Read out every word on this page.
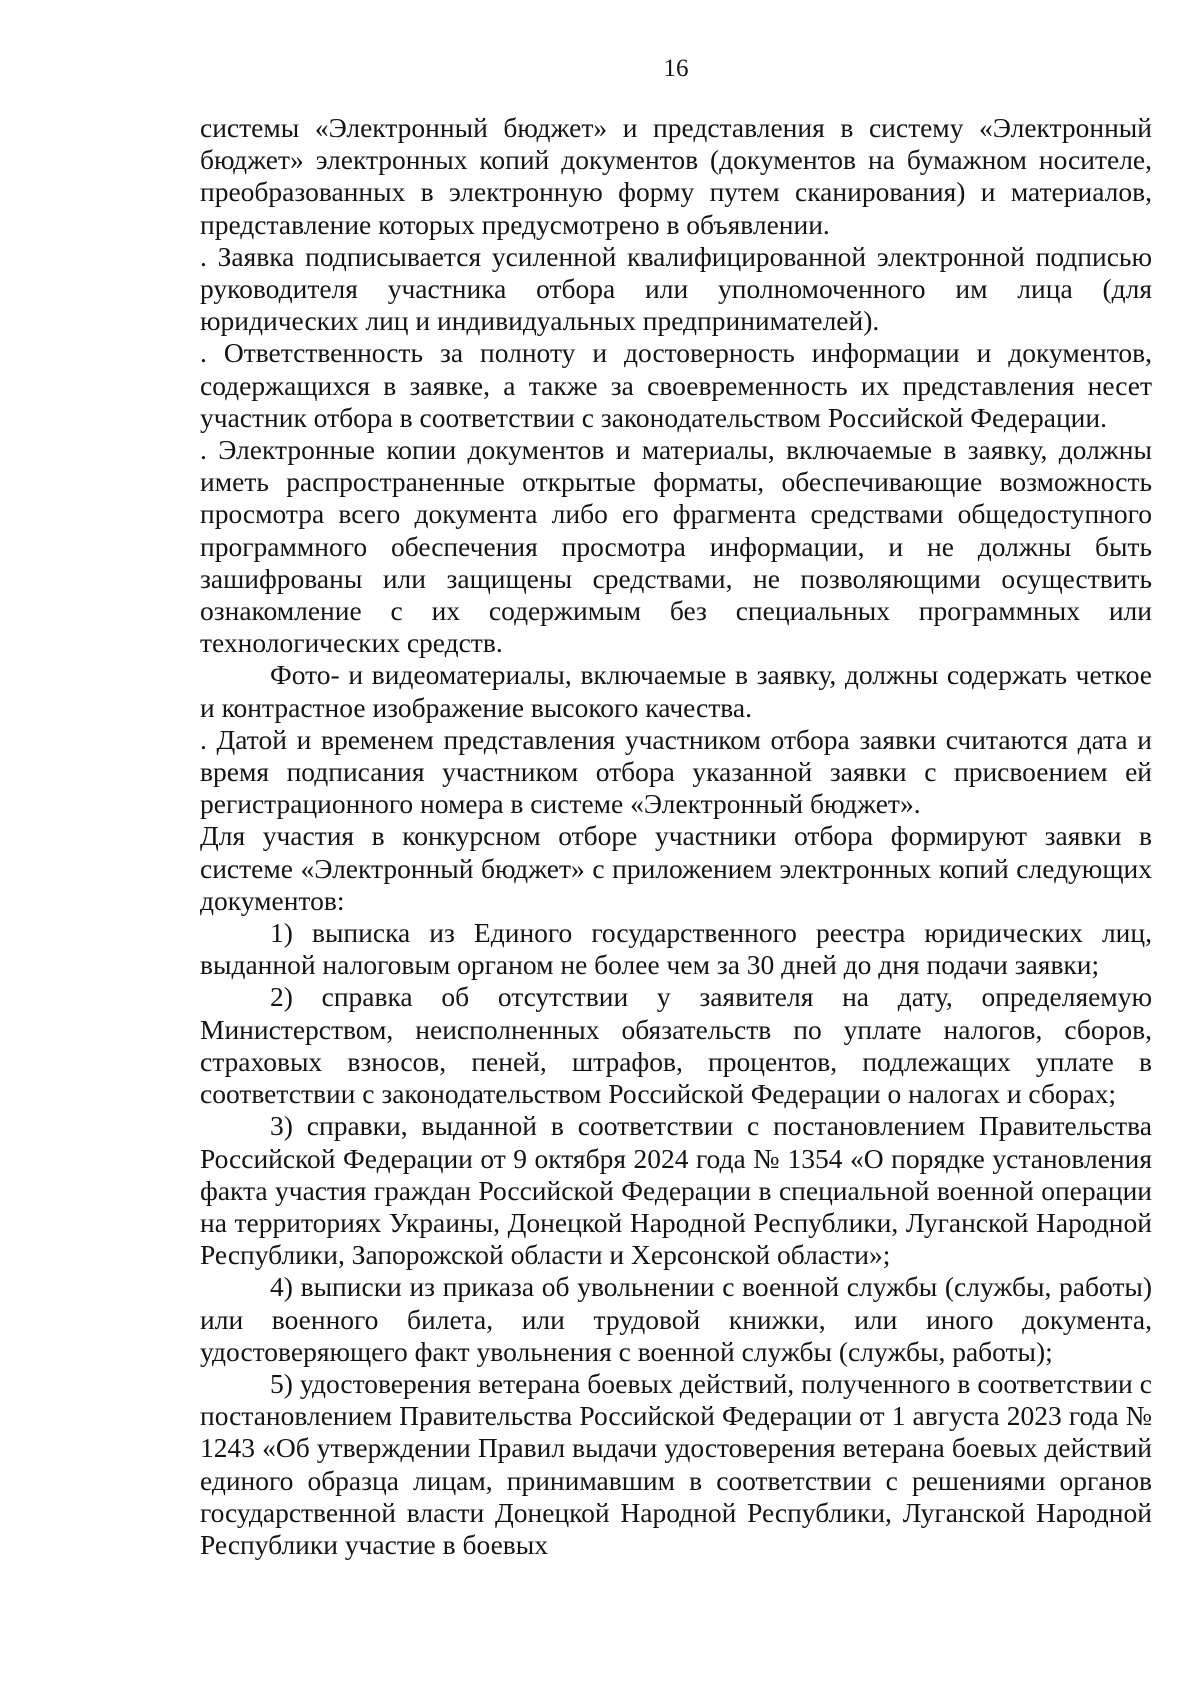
16

системы «Электронный бюджет» и представления в систему «Электронный бюджет» электронных копий документов (документов на бумажном носителе, преобразованных в электронную форму путем сканирования) и материалов, представление которых предусмотрено в объявлении.

. Заявка подписывается усиленной квалифицированной электронной подписью руководителя участника отбора или уполномоченного им лица (для юридических лиц и индивидуальных предпринимателей).

. Ответственность за полноту и достоверность информации и документов, содержащихся в заявке, а также за своевременность их представления несет участник отбора в соответствии с законодательством Российской Федерации.

. Электронные копии документов и материалы, включаемые в заявку, должны иметь распространенные открытые форматы, обеспечивающие возможность просмотра всего документа либо его фрагмента средствами общедоступного программного обеспечения просмотра информации, и не должны быть зашифрованы или защищены средствами, не позволяющими осуществить ознакомление с их содержимым без специальных программных или технологических средств.

Фото- и видеоматериалы, включаемые в заявку, должны содержать четкое и контрастное изображение высокого качества.

. Датой и временем представления участником отбора заявки считаются дата и время подписания участником отбора указанной заявки с присвоением ей регистрационного номера в системе «Электронный бюджет».

Для участия в конкурсном отборе участники отбора формируют заявки в системе «Электронный бюджет» с приложением электронных копий следующих документов:

1) выписка из Единого государственного реестра юридических лиц, выданной налоговым органом не более чем за 30 дней до дня подачи заявки;

2) справка об отсутствии у заявителя на дату, определяемую Министерством, неисполненных обязательств по уплате налогов, сборов, страховых взносов, пеней, штрафов, процентов, подлежащих уплате в соответствии с законодательством Российской Федерации о налогах и сборах;

3) справки, выданной в соответствии с постановлением Правительства Российской Федерации от 9 октября 2024 года № 1354 «О порядке установления факта участия граждан Российской Федерации в специальной военной операции на территориях Украины, Донецкой Народной Республики, Луганской Народной Республики, Запорожской области и Херсонской области»;

4) выписки из приказа об увольнении с военной службы (службы, работы) или военного билета, или трудовой книжки, или иного документа, удостоверяющего факт увольнения с военной службы (службы, работы);

5) удостоверения ветерана боевых действий, полученного в соответствии с постановлением Правительства Российской Федерации от 1 августа 2023 года № 1243 «Об утверждении Правил выдачи удостоверения ветерана боевых действий единого образца лицам, принимавшим в соответствии с решениями органов государственной власти Донецкой Народной Республики, Луганской Народной Республики участие в боевых
